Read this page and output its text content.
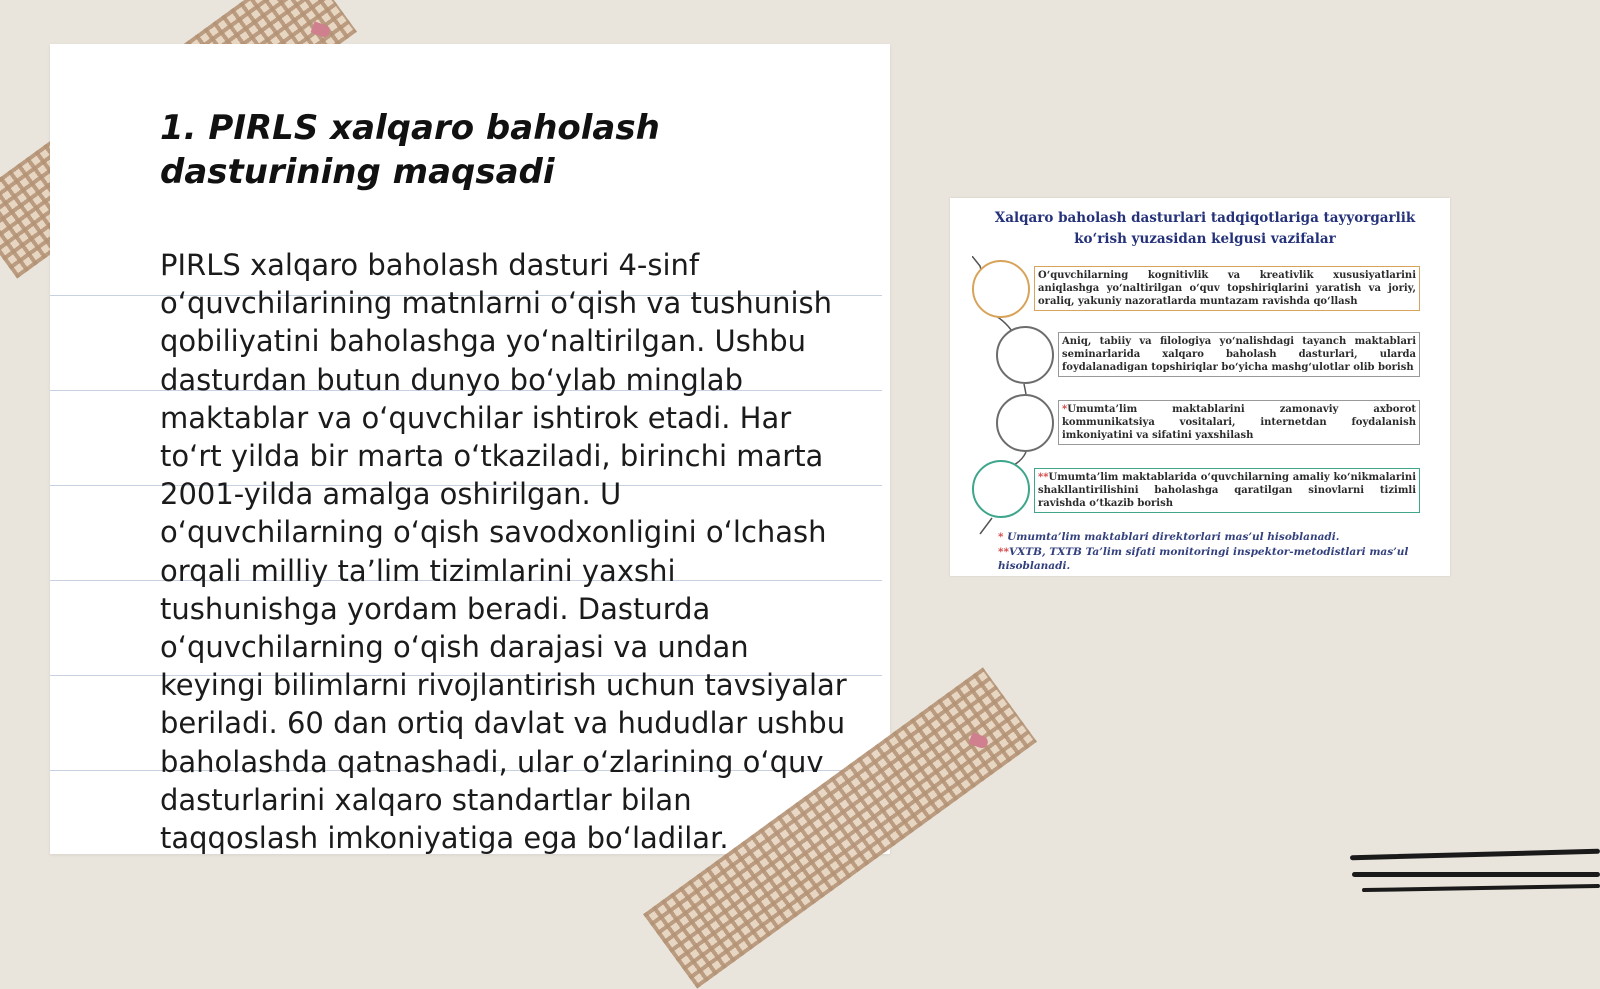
1. PIRLS xalqaro baholash dasturining maqsadi

PIRLS xalqaro baholash dasturi 4-sinf o‘quvchilarining matnlarni o‘qish va tushunish qobiliyatini baholashga yo‘naltirilgan. Ushbu dasturdan butun dunyo bo‘ylab minglab maktablar va o‘quvchilar ishtirok etadi. Har to‘rt yilda bir marta o‘tkaziladi, birinchi marta 2001-yilda amalga oshirilgan. U o‘quvchilarning o‘qish savodxonligini o‘lchash orqali milliy ta’lim tizimlarini yaxshi tushunishga yordam beradi. Dasturda o‘quvchilarning o‘qish darajasi va undan keyingi bilimlarni rivojlantirish uchun tavsiyalar beriladi. 60 dan ortiq davlat va hududlar ushbu baholashda qatnashadi, ular o‘zlarining o‘quv dasturlarini xalqaro standartlar bilan taqqoslash imkoniyatiga ega bo‘ladilar.

Xalqaro baholash dasturlari tadqiqotlariga tayyorgarlik ko‘rish yuzasidan kelgusi vazifalar

O‘quvchilarning kognitivlik va kreativlik xususiyatlarini aniqlashga yo‘naltirilgan o‘quv topshiriqlarini yaratish va joriy, oraliq, yakuniy nazoratlarda muntazam ravishda qo‘llash
Aniq, tabiiy va filologiya yo‘nalishdagi tayanch maktablari seminarlarida xalqaro baholash dasturlari, ularda foydalanadigan topshiriqlar bo‘yicha mashg‘ulotlar olib borish
*Umumta’lim maktablarini zamonaviy axborot kommunikatsiya vositalari, internetdan foydalanish imkoniyatini va sifatini yaxshilash
**Umumta’lim maktablarida o‘quvchilarning amaliy ko‘nikmalarini shakllantirilishini baholashga qaratilgan sinovlarni tizimli ravishda o‘tkazib borish

* Umumta’lim maktablari direktorlari mas’ul hisoblanadi.

**VXTB, TXTB Ta’lim sifati monitoringi inspektor-metodistlari mas’ul hisoblanadi.
